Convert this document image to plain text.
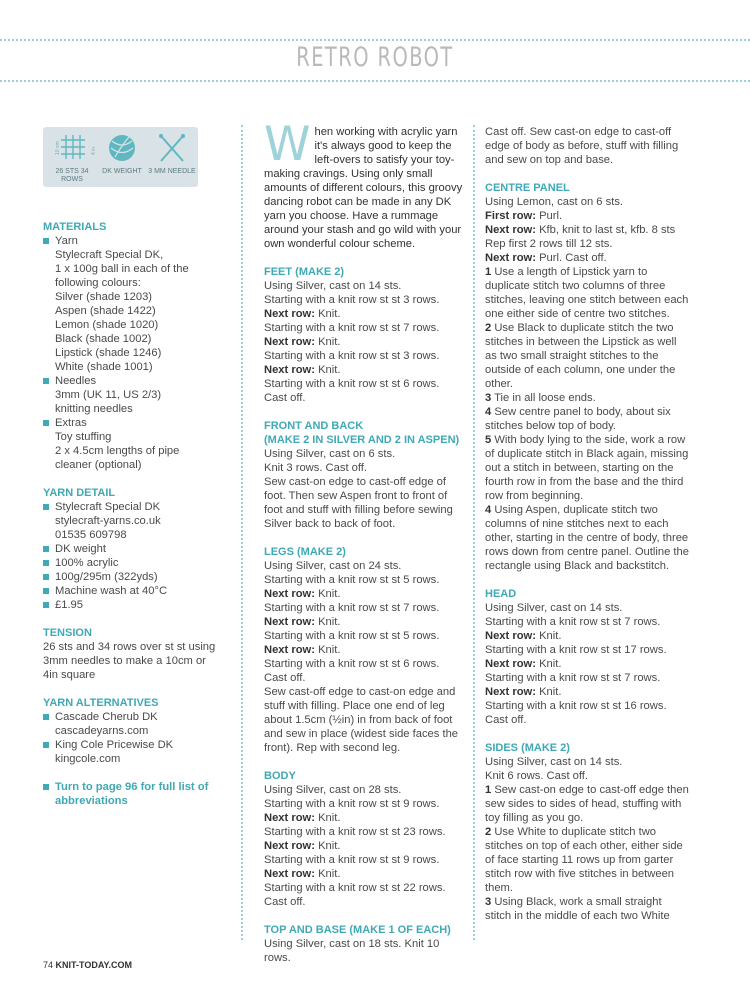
RETRO ROBOT
10 cm	4 in
26 STS 34 ROWS
DK WEIGHT 3 MM NEEDLE
MATERIALS

Yarn

Stylecraft Special DK,

1 x 100g ball in each of the

following colours:

Silver (shade 1203)

Aspen (shade 1422)

Lemon (shade 1020)

Black (shade 1002)

Lipstick (shade 1246)

White (shade 1001)

Needles

3mm (UK 11, US 2/3)

knitting needles

Extras

Toy stuffing

2 x 4.5cm lengths of pipe

cleaner (optional)

YARN DETAIL

Stylecraft Special DK

stylecraft-yarns.co.uk

01535 609798

DK weight

100% acrylic

100g/295m (322yds)

Machine wash at 40°C

£1.95

TENSION

26 sts and 34 rows over st st using 3mm needles to make a 10cm or 4in square

YARN ALTERNATIVES

Cascade Cherub DK

cascadeyarns.com

King Cole Pricewise DK

kingcole.com

Turn to page 96 for full list of abbreviations

When working with acrylic yarn it's always good to keep the left-overs to satisfy your toy-making cravings. Using only small amounts of different colours, this groovy dancing robot can be made in any DK yarn you choose. Have a rummage around your stash and go wild with your own wonderful colour scheme.
FEET (MAKE 2)

Using Silver, cast on 14 sts.

Starting with a knit row st st 3 rows.

Next row: Knit.

Starting with a knit row st st 7 rows.

Next row: Knit.

Starting with a knit row st st 3 rows.

Next row: Knit.

Starting with a knit row st st 6 rows.

Cast off.

FRONT AND BACK
(MAKE 2 IN SILVER AND 2 IN ASPEN)

Using Silver, cast on 6 sts.

Knit 3 rows. Cast off.

Sew cast-on edge to cast-off edge of foot. Then sew Aspen front to front of foot and stuff with filling before sewing Silver back to back of foot.

LEGS (MAKE 2)

Using Silver, cast on 24 sts.

Starting with a knit row st st 5 rows.

Next row: Knit.

Starting with a knit row st st 7 rows.

Next row: Knit.

Starting with a knit row st st 5 rows.

Next row: Knit.

Starting with a knit row st st 6 rows.

Cast off.

Sew cast-off edge to cast-on edge and stuff with filling. Place one end of leg about 1.5cm (½in) in from back of foot and sew in place (widest side faces the front). Rep with second leg.

BODY

Using Silver, cast on 28 sts.

Starting with a knit row st st 9 rows.

Next row: Knit.

Starting with a knit row st st 23 rows.

Next row: Knit.

Starting with a knit row st st 9 rows.

Next row: Knit.

Starting with a knit row st st 22 rows.

Cast off.

TOP AND BASE (MAKE 1 OF EACH)

Using Silver, cast on 18 sts. Knit 10 rows.

Cast off. Sew cast-on edge to cast-off edge of body as before, stuff with filling and sew on top and base.

CENTRE PANEL

Using Lemon, cast on 6 sts.

First row: Purl.

Next row: Kfb, knit to last st, kfb. 8 sts

Rep first 2 rows till 12 sts.

Next row: Purl. Cast off.

1 Use a length of Lipstick yarn to duplicate stitch two columns of three stitches, leaving one stitch between each one either side of centre two stitches.

2 Use Black to duplicate stitch the two stitches in between the Lipstick as well as two small straight stitches to the outside of each column, one under the other.

3 Tie in all loose ends.

4 Sew centre panel to body, about six stitches below top of body.

5 With body lying to the side, work a row of duplicate stitch in Black again, missing out a stitch in between, starting on the fourth row in from the base and the third row from beginning.

4 Using Aspen, duplicate stitch two columns of nine stitches next to each other, starting in the centre of body, three rows down from centre panel. Outline the rectangle using Black and backstitch.

HEAD

Using Silver, cast on 14 sts.

Starting with a knit row st st 7 rows.

Next row: Knit.

Starting with a knit row st st 17 rows.

Next row: Knit.

Starting with a knit row st st 7 rows.

Next row: Knit.

Starting with a knit row st st 16 rows.

Cast off.

SIDES (MAKE 2)

Using Silver, cast on 14 sts.

Knit 6 rows. Cast off.

1 Sew cast-on edge to cast-off edge then sew sides to sides of head, stuffing with toy filling as you go.

2 Use White to duplicate stitch two stitches on top of each other, either side of face starting 11 rows up from garter stitch row with five stitches in between them.

3 Using Black, work a small straight stitch in the middle of each two White

74 KNIT-TODAY.COM
